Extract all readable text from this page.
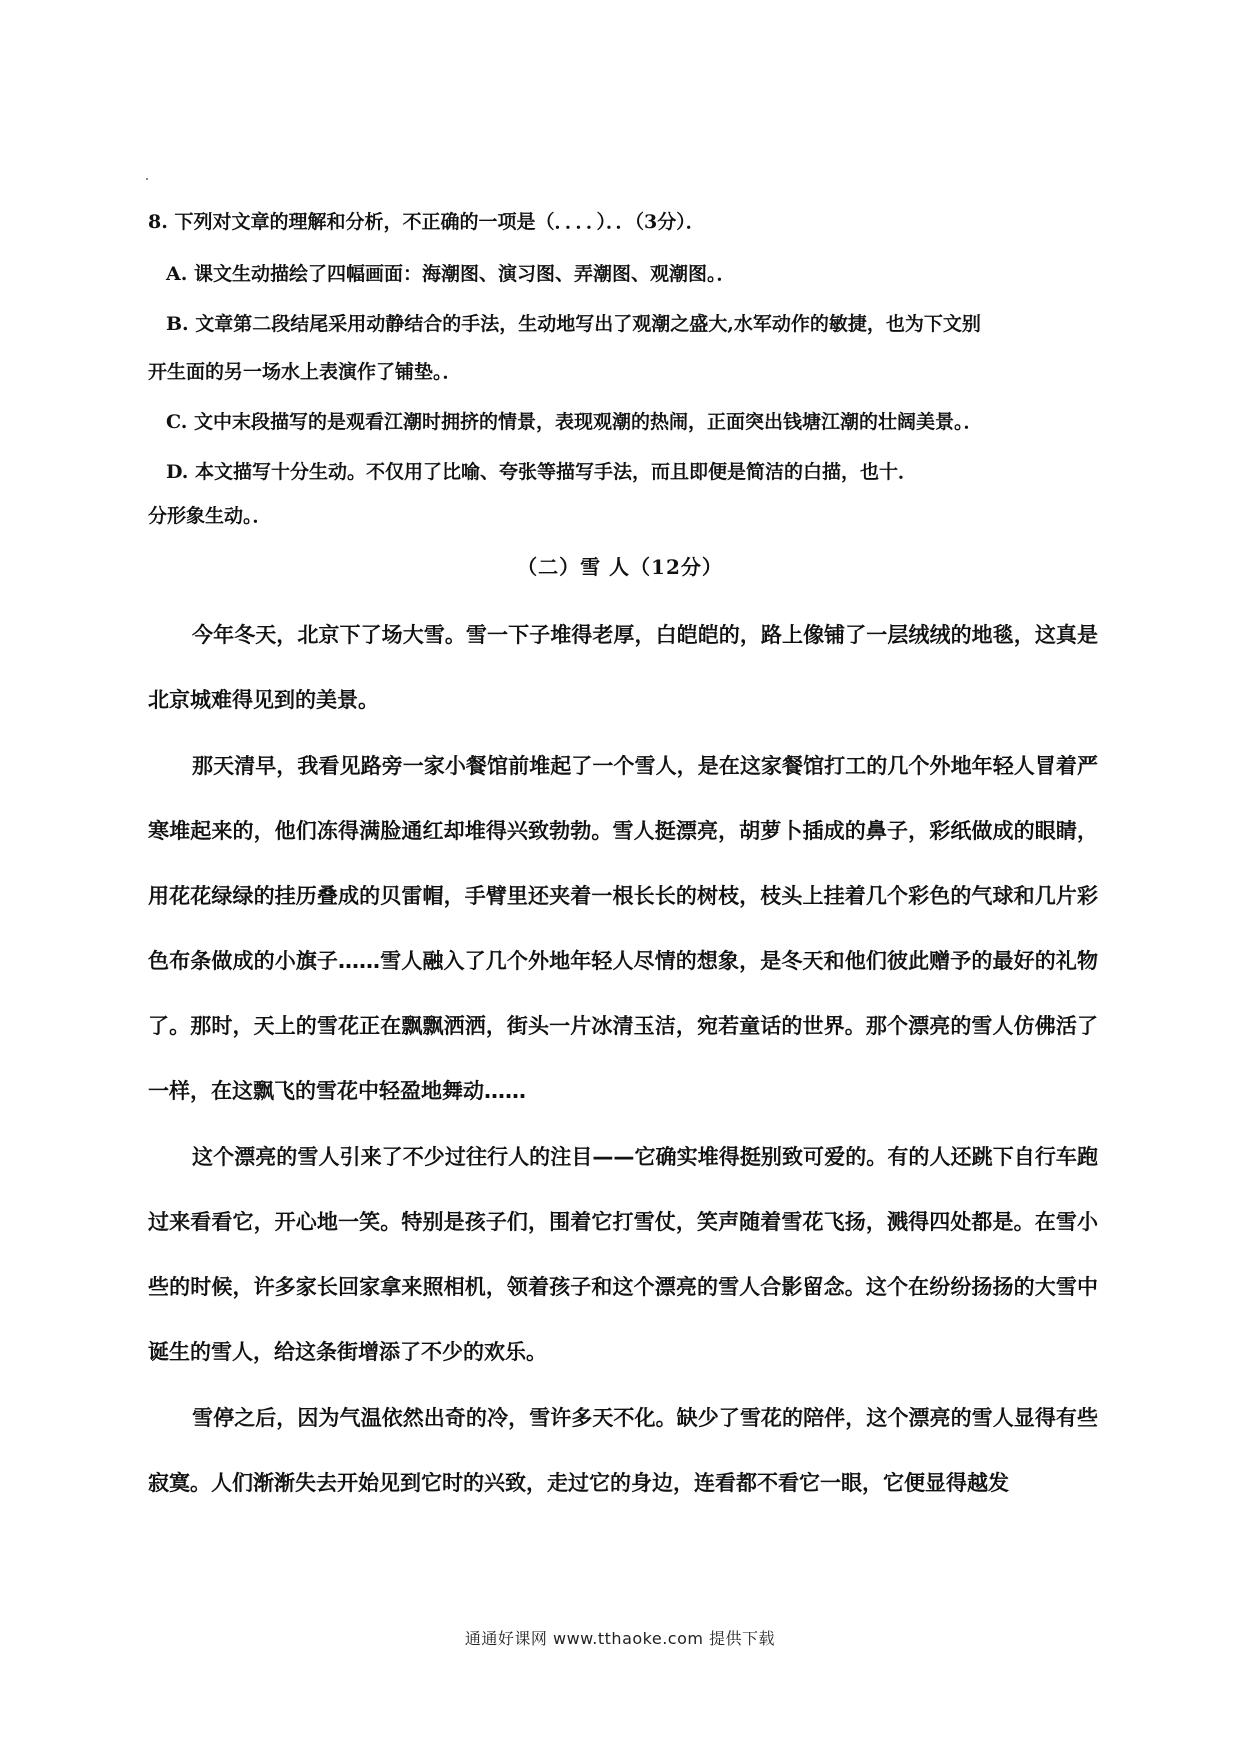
8. 下列对文章的理解和分析，不正确的一项是（．．．．）．．（3分）．
A. 课文生动描绘了四幅画面：海潮图、演习图、弄潮图、观潮图。．
B. 文章第二段结尾采用动静结合的手法，生动地写出了观潮之盛大,水军动作的敏捷，也为下文别
开生面的另一场水上表演作了铺垫。．
C. 文中末段描写的是观看江潮时拥挤的情景，表现观潮的热闹，正面突出钱塘江潮的壮阔美景。．
D. 本文描写十分生动。不仅用了比喻、夸张等描写手法，而且即便是简洁的白描，也十．
分形象生动。．
（二）雪 人（12分）

今年冬天，北京下了场大雪。雪一下子堆得老厚，白皑皑的，路上像铺了一层绒绒的地毯，这真是北京城难得见到的美景。

那天清早，我看见路旁一家小餐馆前堆起了一个雪人，是在这家餐馆打工的几个外地年轻人冒着严寒堆起来的，他们冻得满脸通红却堆得兴致勃勃。雪人挺漂亮，胡萝卜插成的鼻子，彩纸做成的眼睛，用花花绿绿的挂历叠成的贝雷帽，手臂里还夹着一根长长的树枝，枝头上挂着几个彩色的气球和几片彩色布条做成的小旗子……雪人融入了几个外地年轻人尽情的想象，是冬天和他们彼此赠予的最好的礼物了。那时，天上的雪花正在飘飘洒洒，街头一片冰清玉洁，宛若童话的世界。那个漂亮的雪人仿佛活了一样，在这飘飞的雪花中轻盈地舞动……

这个漂亮的雪人引来了不少过往行人的注目——它确实堆得挺别致可爱的。有的人还跳下自行车跑过来看看它，开心地一笑。特别是孩子们，围着它打雪仗，笑声随着雪花飞扬，溅得四处都是。在雪小些的时候，许多家长回家拿来照相机，领着孩子和这个漂亮的雪人合影留念。这个在纷纷扬扬的大雪中诞生的雪人，给这条街增添了不少的欢乐。

雪停之后，因为气温依然出奇的冷，雪许多天不化。缺少了雪花的陪伴，这个漂亮的雪人显得有些寂寞。人们渐渐失去开始见到它时的兴致，走过它的身边，连看都不看它一眼，它便显得越发

通通好课网 www.tthaoke.com 提供下载
